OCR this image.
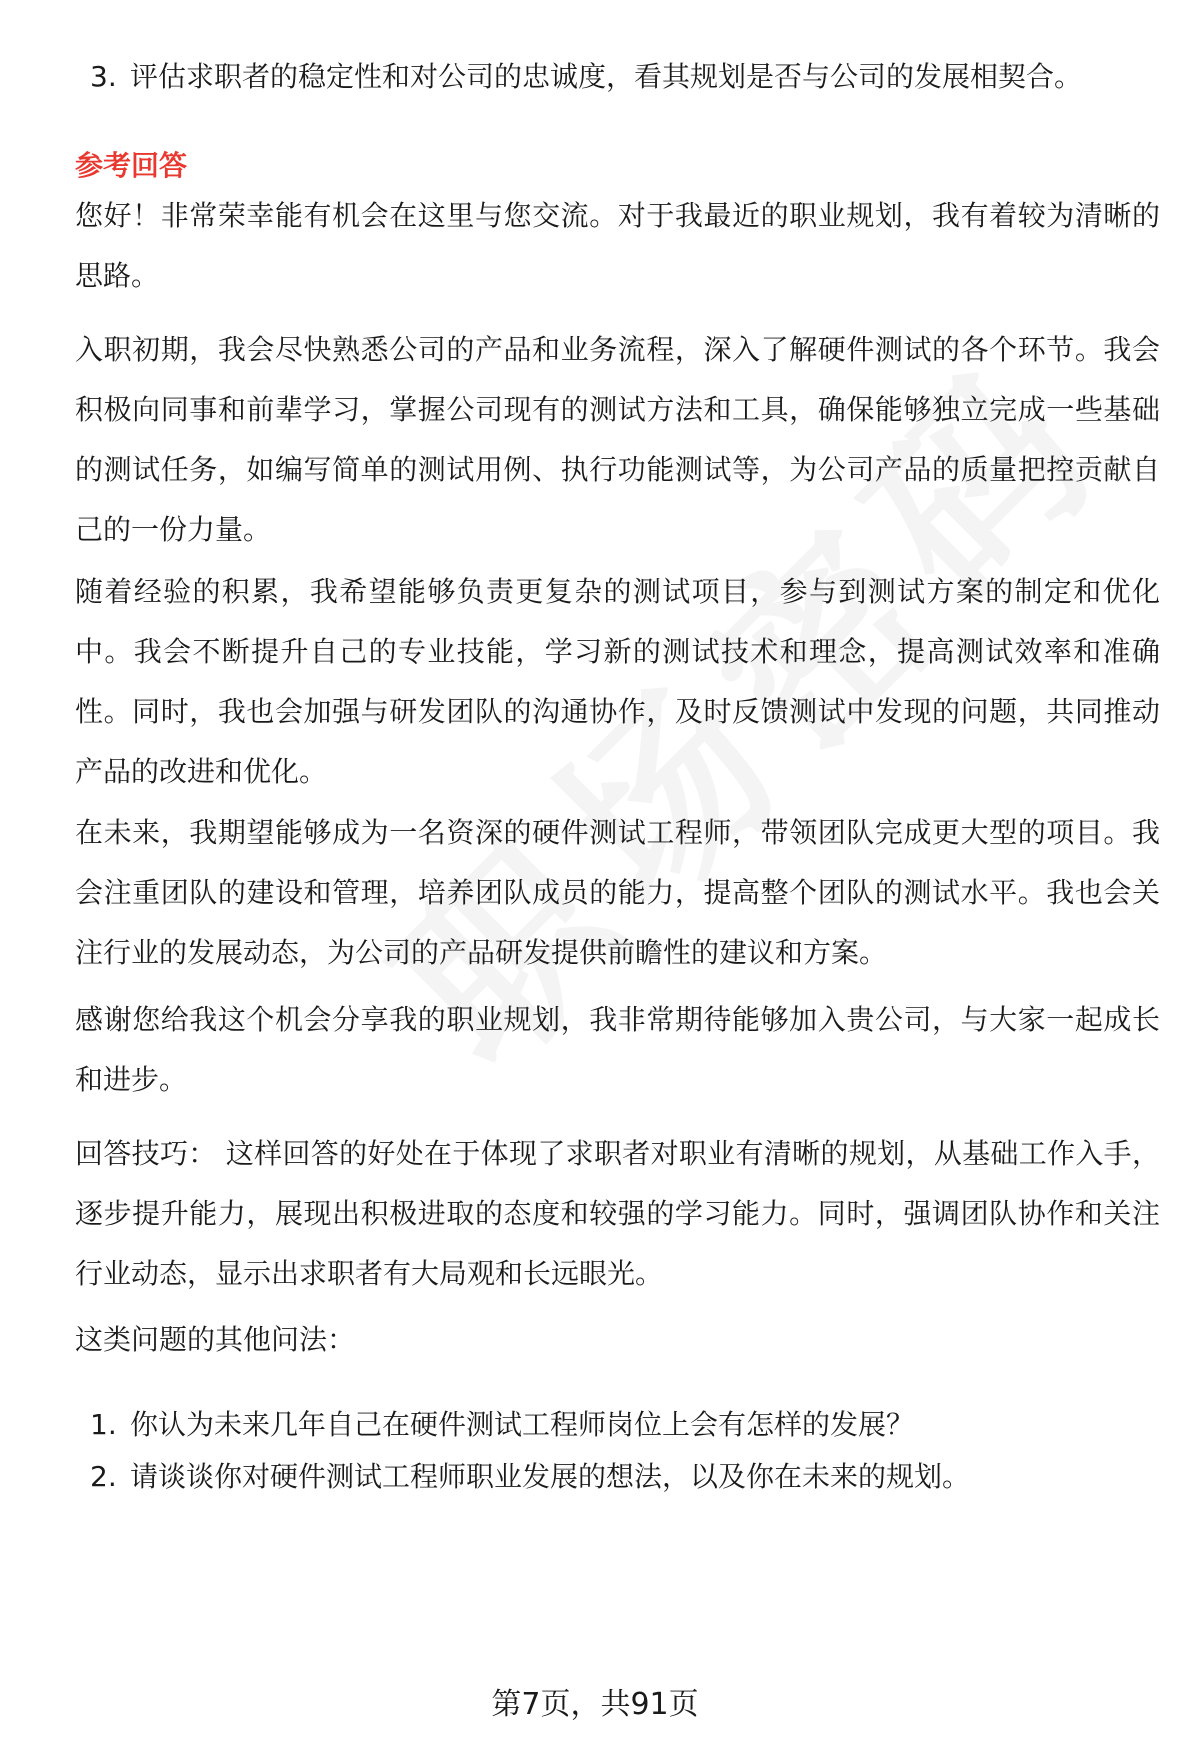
3. 评估求职者的稳定性和对公司的忠诚度，看其规划是否与公司的发展相契合。
参考回答
您好！非常荣幸能有机会在这里与您交流。对于我最近的职业规划，我有着较为清晰的思路。
入职初期，我会尽快熟悉公司的产品和业务流程，深入了解硬件测试的各个环节。我会积极向同事和前辈学习，掌握公司现有的测试方法和工具，确保能够独立完成一些基础的测试任务，如编写简单的测试用例、执行功能测试等，为公司产品的质量把控贡献自己的一份力量。
随着经验的积累，我希望能够负责更复杂的测试项目，参与到测试方案的制定和优化中。我会不断提升自己的专业技能，学习新的测试技术和理念，提高测试效率和准确性。同时，我也会加强与研发团队的沟通协作，及时反馈测试中发现的问题，共同推动产品的改进和优化。
在未来，我期望能够成为一名资深的硬件测试工程师，带领团队完成更大型的项目。我会注重团队的建设和管理，培养团队成员的能力，提高整个团队的测试水平。我也会关注行业的发展动态，为公司的产品研发提供前瞻性的建议和方案。
感谢您给我这个机会分享我的职业规划，我非常期待能够加入贵公司，与大家一起成长和进步。
回答技巧： 这样回答的好处在于体现了求职者对职业有清晰的规划，从基础工作入手，逐步提升能力，展现出积极进取的态度和较强的学习能力。同时，强调团队协作和关注行业动态，显示出求职者有大局观和长远眼光。
这类问题的其他问法：
1. 你认为未来几年自己在硬件测试工程师岗位上会有怎样的发展？
2. 请谈谈你对硬件测试工程师职业发展的想法，以及你在未来的规划。
第7页，共91页
